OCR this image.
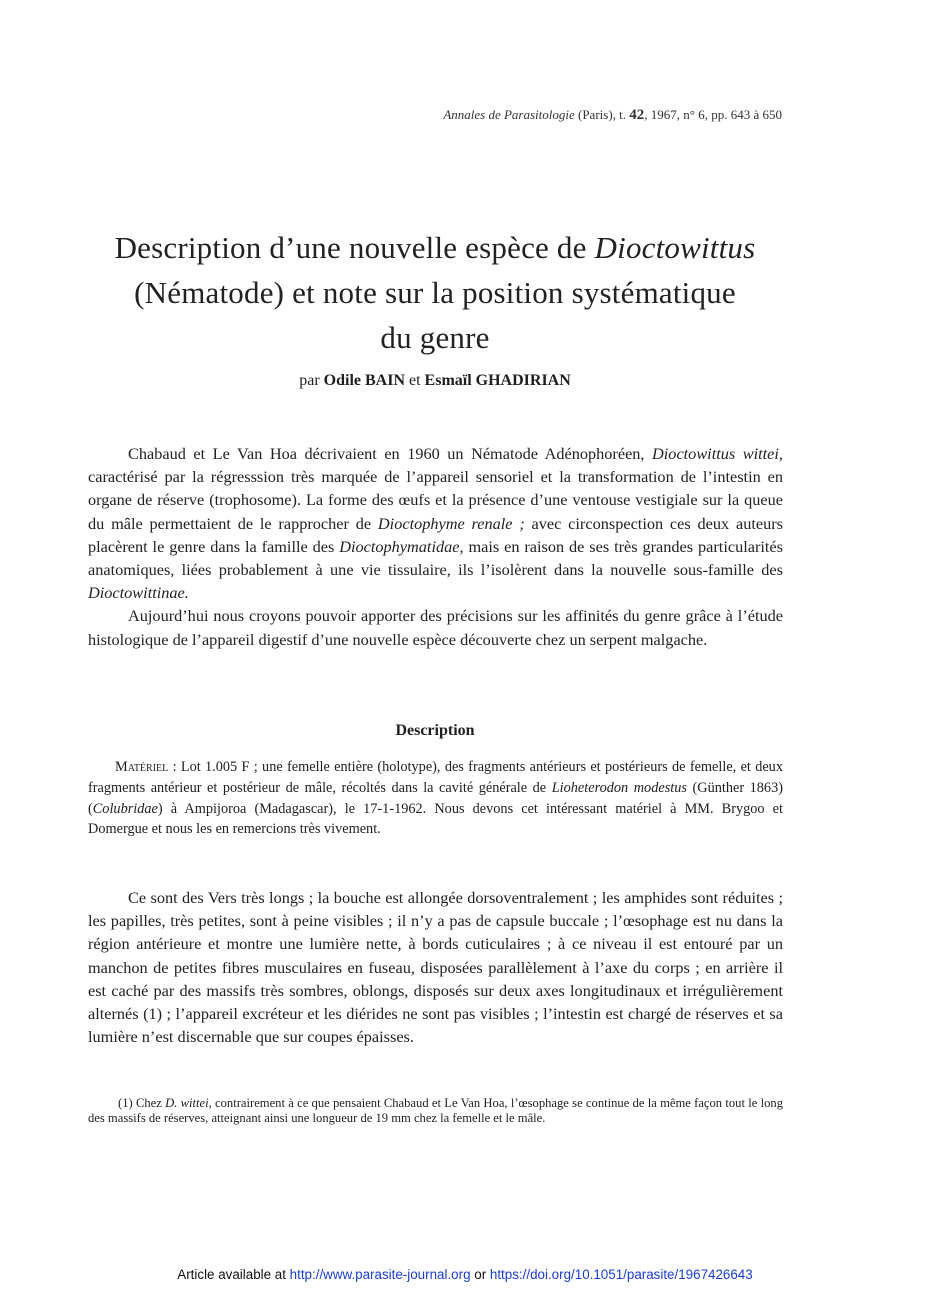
Annales de Parasitologie (Paris), t. 42, 1967, n° 6, pp. 643 à 650
Description d’une nouvelle espèce de Dioctowittus
(Nématode) et note sur la position systématique
du genre
par Odile BAIN et Esmaïl GHADIRIAN

Chabaud et Le Van Hoa décrivaient en 1960 un Nématode Adénophoréen, Dioctowittus wittei, caractérisé par la régresssion très marquée de l’appareil sensoriel et la transformation de l’intestin en organe de réserve (trophosome). La forme des œufs et la présence d’une ventouse vestigiale sur la queue du mâle permettaient de le rapprocher de Dioctophyme renale ; avec circonspection ces deux auteurs placèrent le genre dans la famille des Dioctophymatidae, mais en raison de ses très grandes particularités anatomiques, liées probablement à une vie tissulaire, ils l’isolèrent dans la nouvelle sous-famille des Dioctowittinae.

Aujourd’hui nous croyons pouvoir apporter des précisions sur les affinités du genre grâce à l’étude histologique de l’appareil digestif d’une nouvelle espèce découverte chez un serpent malgache.

Description

Matériel : Lot 1.005 F ; une femelle entière (holotype), des fragments antérieurs et postérieurs de femelle, et deux fragments antérieur et postérieur de mâle, récoltés dans la cavité générale de Lioheterodon modestus (Günther 1863) (Colubridae) à Ampijoroa (Madagascar), le 17-1-1962. Nous devons cet intéressant matériel à MM. Brygoo et Domergue et nous les en remercions très vivement.

Ce sont des Vers très longs ; la bouche est allongée dorsoventralement ; les amphides sont réduites ; les papilles, très petites, sont à peine visibles ; il n’y a pas de capsule buccale ; l’œsophage est nu dans la région antérieure et montre une lumière nette, à bords cuticulaires ; à ce niveau il est entouré par un manchon de petites fibres musculaires en fuseau, disposées parallèlement à l’axe du corps ; en arrière il est caché par des massifs très sombres, oblongs, disposés sur deux axes longitudinaux et irrégulièrement alternés (1) ; l’appareil excréteur et les diérides ne sont pas visibles ; l’intestin est chargé de réserves et sa lumière n’est discernable que sur coupes épaisses.

(1) Chez D. wittei, contrairement à ce que pensaient Chabaud et Le Van Hoa, l’œsophage se continue de la même façon tout le long des massifs de réserves, atteignant ainsi une longueur de 19 mm chez la femelle et le mâle.

Article available at http://www.parasite-journal.org or https://doi.org/10.1051/parasite/1967426643
